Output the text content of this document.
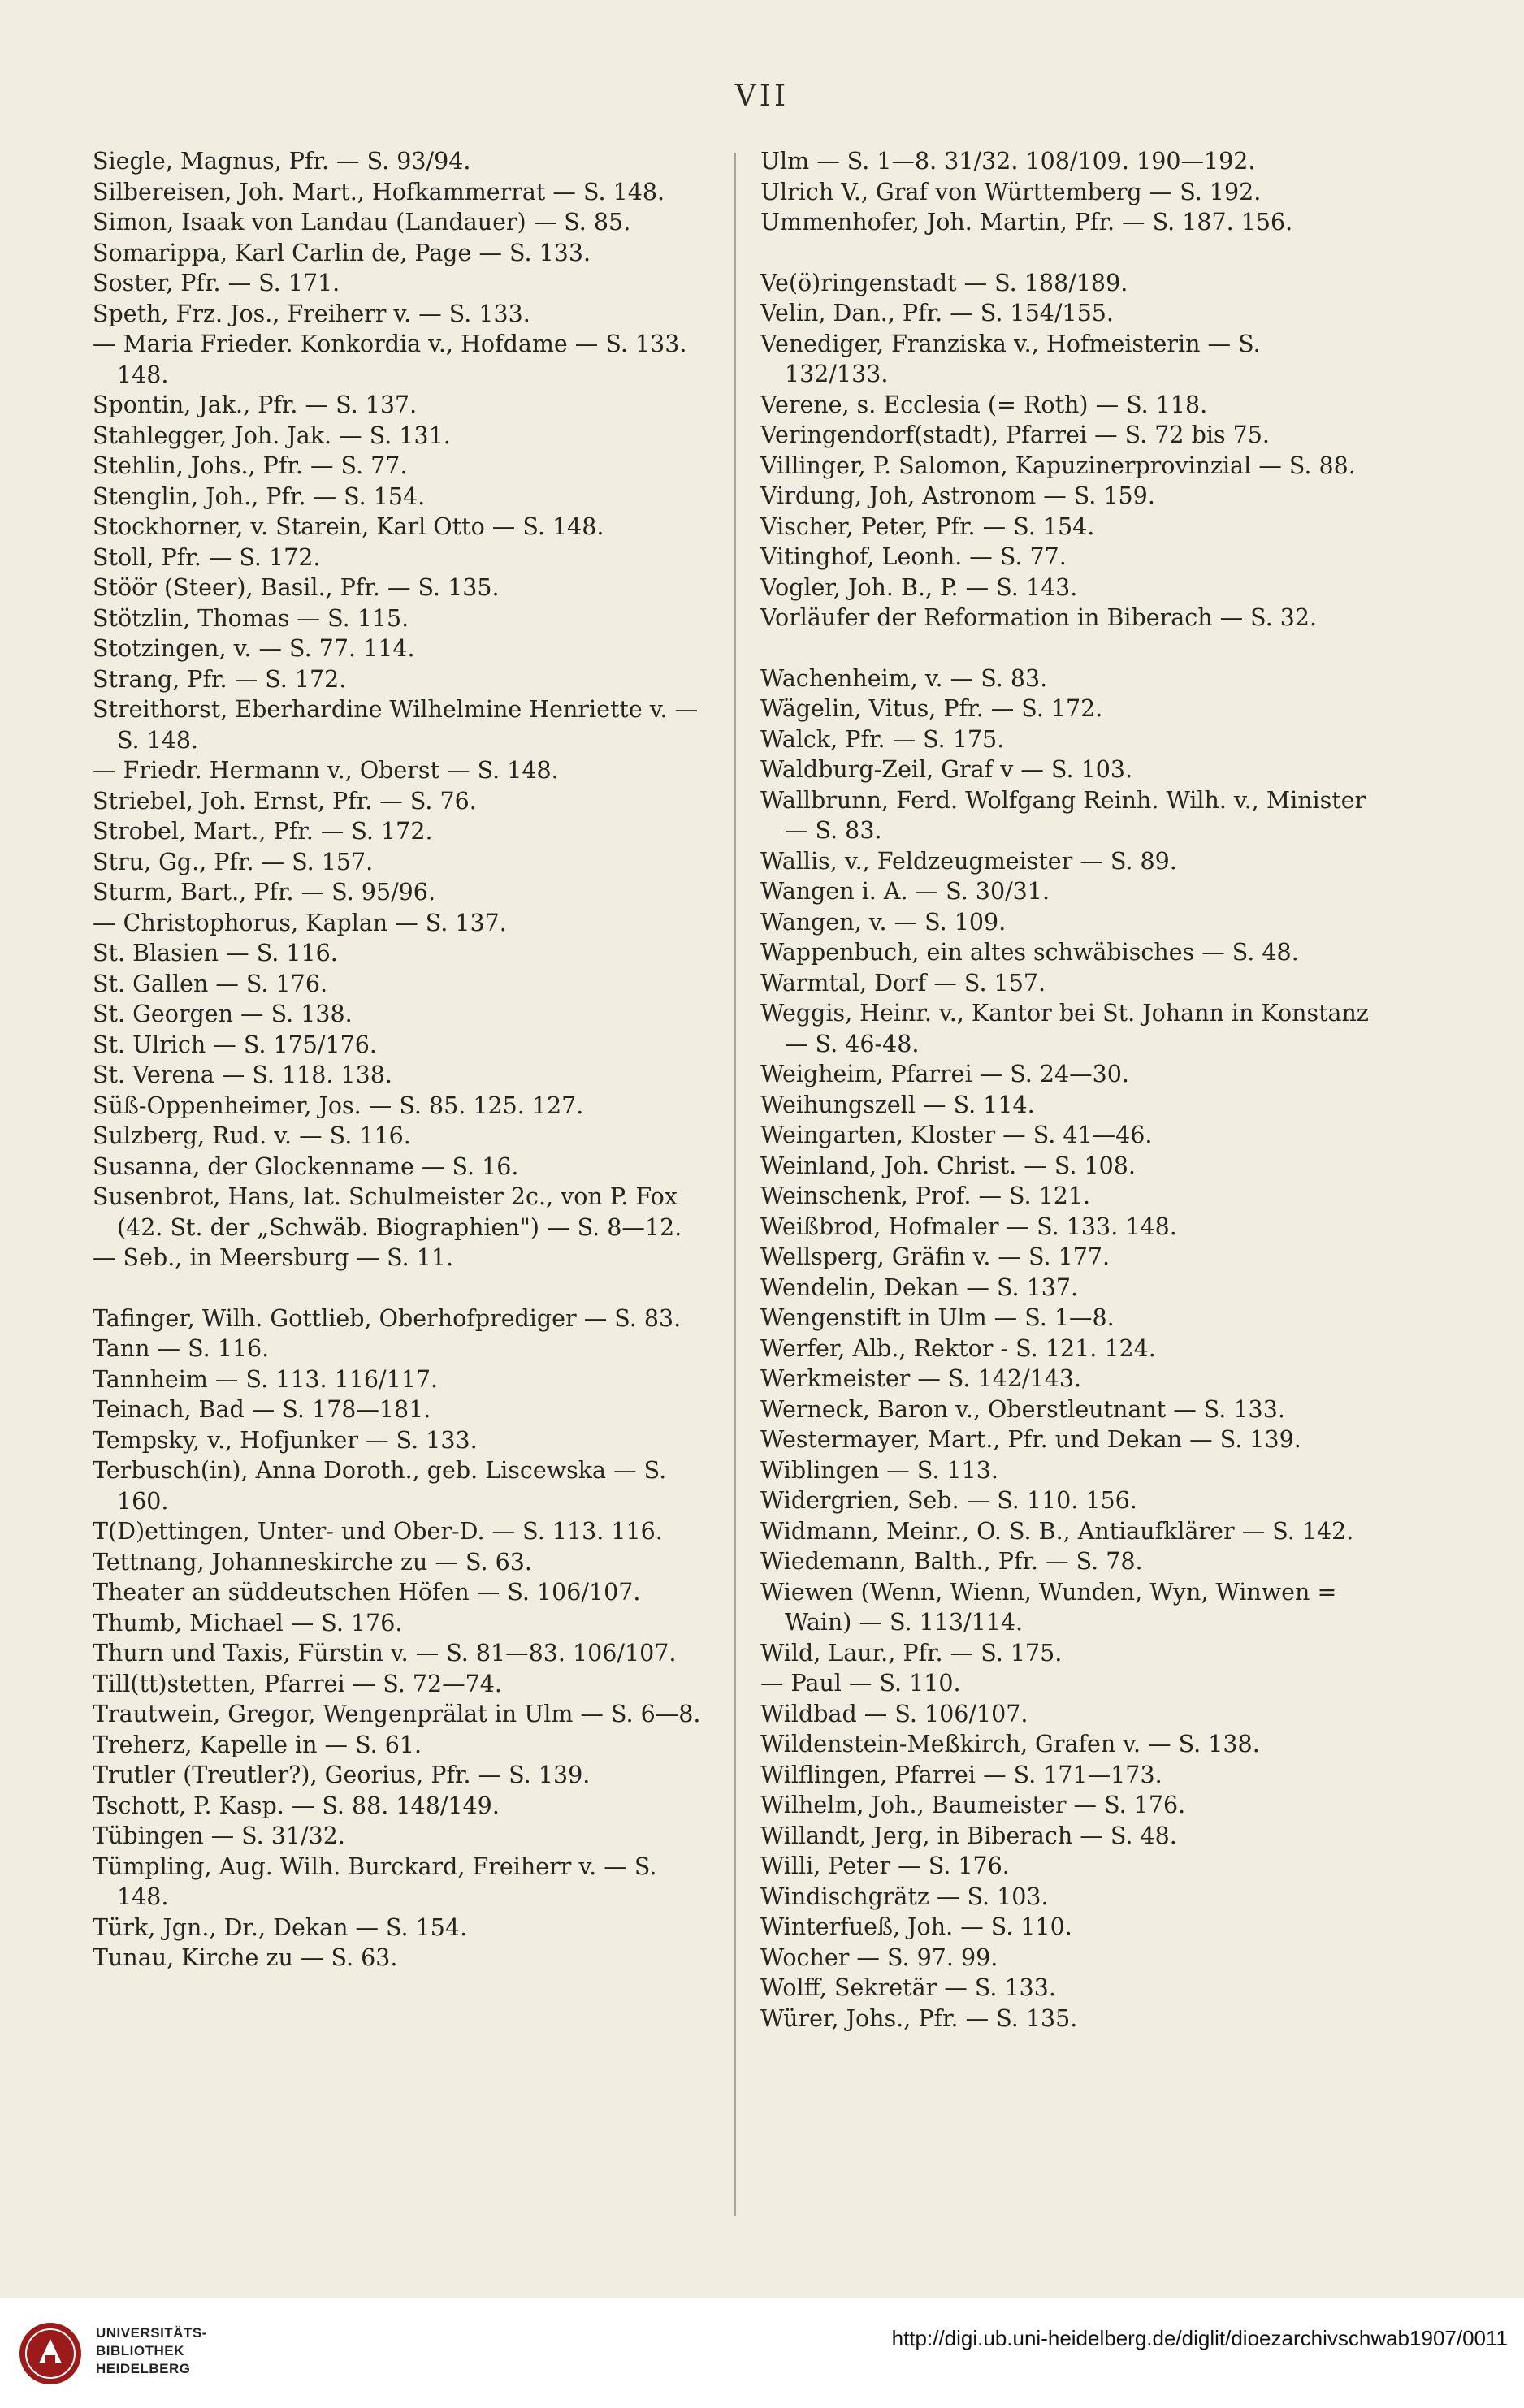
VII
Siegle, Magnus, Pfr. — S. 93/94.
Silbereisen, Joh. Mart., Hofkammerrat — S. 148.
Simon, Isaak von Landau (Landauer) — S. 85.
Somarippa, Karl Carlin de, Page — S. 133.
Soster, Pfr. — S. 171.
Speth, Frz. Jos., Freiherr v. — S. 133.
— Maria Frieder. Konkordia v., Hofdame — S. 133. 148.
Spontin, Jak., Pfr. — S. 137.
Stahlegger, Joh. Jak. — S. 131.
Stehlin, Johs., Pfr. — S. 77.
Stenglin, Joh., Pfr. — S. 154.
Stockhorner, v. Starein, Karl Otto — S. 148.
Stoll, Pfr. — S. 172.
Stöör (Steer), Basil., Pfr. — S. 135.
Stötzlin, Thomas — S. 115.
Stotzingen, v. — S. 77. 114.
Strang, Pfr. — S. 172.
Streithorst, Eberhardine Wilhelmine Henriette v. — S. 148.
— Friedr. Hermann v., Oberst — S. 148.
Striebel, Joh. Ernst, Pfr. — S. 76.
Strobel, Mart., Pfr. — S. 172.
Stru, Gg., Pfr. — S. 157.
Sturm, Bart., Pfr. — S. 95/96.
— Christophorus, Kaplan — S. 137.
St. Blasien — S. 116.
St. Gallen — S. 176.
St. Georgen — S. 138.
St. Ulrich — S. 175/176.
St. Verena — S. 118. 138.
Süß-Oppenheimer, Jos. — S. 85. 125. 127.
Sulzberg, Rud. v. — S. 116.
Susanna, der Glockenname — S. 16.
Susenbrot, Hans, lat. Schulmeister 2c., von P. Fox (42. St. der „Schwäb. Biographien") — S. 8—12.
— Seb., in Meersburg — S. 11.
Tafinger, Wilh. Gottlieb, Oberhofprediger — S. 83.
Tann — S. 116.
Tannheim — S. 113. 116/117.
Teinach, Bad — S. 178—181.
Tempsky, v., Hofjunker — S. 133.
Terbusch(in), Anna Doroth., geb. Liscewska — S. 160.
T(D)ettingen, Unter- und Ober-D. — S. 113. 116.
Tettnang, Johanneskirche zu — S. 63.
Theater an süddeutschen Höfen — S. 106/107.
Thumb, Michael — S. 176.
Thurn und Taxis, Fürstin v. — S. 81—83. 106/107.
Till(tt)stetten, Pfarrei — S. 72—74.
Trautwein, Gregor, Wengenprälat in Ulm — S. 6—8.
Treherz, Kapelle in — S. 61.
Trutler (Treutler?), Georius, Pfr. — S. 139.
Tschott, P. Kasp. — S. 88. 148/149.
Tübingen — S. 31/32.
Tümpling, Aug. Wilh. Burckard, Freiherr v. — S. 148.
Türk, Jgn., Dr., Dekan — S. 154.
Tunau, Kirche zu — S. 63.
Ulm — S. 1—8. 31/32. 108/109. 190—192.
Ulrich V., Graf von Württemberg — S. 192.
Ummenhofer, Joh. Martin, Pfr. — S. 187. 156.
Ve(ö)ringenstadt — S. 188/189.
Velin, Dan., Pfr. — S. 154/155.
Venediger, Franziska v., Hofmeisterin — S. 132/133.
Verene, s. Ecclesia (= Roth) — S. 118.
Veringendorf(stadt), Pfarrei — S. 72 bis 75.
Villinger, P. Salomon, Kapuzinerprovinzial — S. 88.
Virdung, Joh, Astronom — S. 159.
Vischer, Peter, Pfr. — S. 154.
Vitinghof, Leonh. — S. 77.
Vogler, Joh. B., P. — S. 143.
Vorläufer der Reformation in Biberach — S. 32.
Wachenheim, v. — S. 83.
Wägelin, Vitus, Pfr. — S. 172.
Walck, Pfr. — S. 175.
Waldburg-Zeil, Graf v — S. 103.
Wallbrunn, Ferd. Wolfgang Reinh. Wilh. v., Minister — S. 83.
Wallis, v., Feldzeugmeister — S. 89.
Wangen i. A. — S. 30/31.
Wangen, v. — S. 109.
Wappenbuch, ein altes schwäbisches — S. 48.
Warmtal, Dorf — S. 157.
Weggis, Heinr. v., Kantor bei St. Johann in Konstanz — S. 46-48.
Weigheim, Pfarrei — S. 24—30.
Weihungszell — S. 114.
Weingarten, Kloster — S. 41—46.
Weinland, Joh. Christ. — S. 108.
Weinschenk, Prof. — S. 121.
Weißbrod, Hofmaler — S. 133. 148.
Wellsperg, Gräfin v. — S. 177.
Wendelin, Dekan — S. 137.
Wengenstift in Ulm — S. 1—8.
Werfer, Alb., Rektor - S. 121. 124.
Werkmeister — S. 142/143.
Werneck, Baron v., Oberstleutnant — S. 133.
Westermayer, Mart., Pfr. und Dekan — S. 139.
Wiblingen — S. 113.
Widergrien, Seb. — S. 110. 156.
Widmann, Meinr., O. S. B., Antiaufklärer — S. 142.
Wiedemann, Balth., Pfr. — S. 78.
Wiewen (Wenn, Wienn, Wunden, Wyn, Winwen = Wain) — S. 113/114.
Wild, Laur., Pfr. — S. 175.
— Paul — S. 110.
Wildbad — S. 106/107.
Wildenstein-Meßkirch, Grafen v. — S. 138.
Wilflingen, Pfarrei — S. 171—173.
Wilhelm, Joh., Baumeister — S. 176.
Willandt, Jerg, in Biberach — S. 48.
Willi, Peter — S. 176.
Windischgrätz — S. 103.
Winterfueß, Joh. — S. 110.
Wocher — S. 97. 99.
Wolff, Sekretär — S. 133.
Würer, Johs., Pfr. — S. 135.
UNIVERSITÄTS-
BIBLIOTHEK
HEIDELBERG
http://digi.ub.uni-heidelberg.de/diglit/dioezarchivschwab1907/0011
